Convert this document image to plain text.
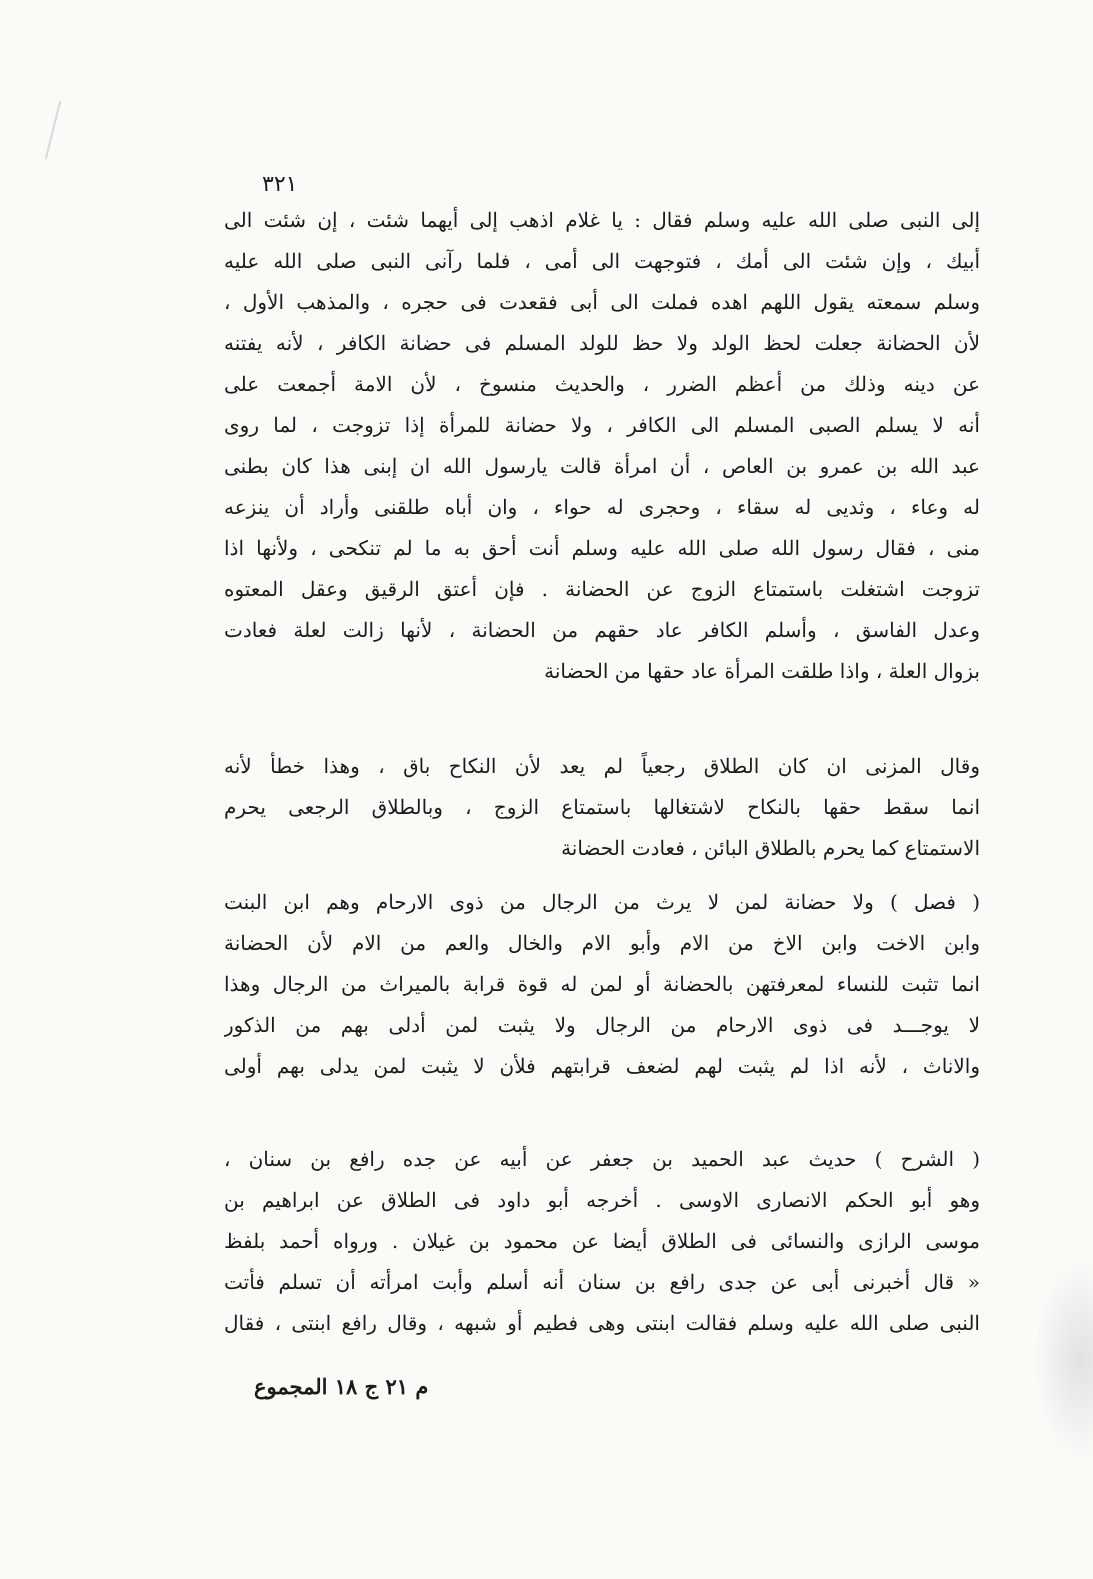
٣٢١
إلى النبى صلى الله عليه وسلم فقال : يا غلام اذهب إلى أيهما شئت ، إن شئت الى
أبيك ، وإن شئت الى أمك ، فتوجهت الى أمى ، فلما رآنى النبى صلى الله عليه
وسلم سمعته يقول اللهم اهده فملت الى أبى فقعدت فى حجره ، والمذهب الأول ،
لأن الحضانة جعلت لحظ الولد ولا حظ للولد المسلم فى حضانة الكافر ، لأنه يفتنه
عن دينه وذلك من أعظم الضرر ، والحديث منسوخ ، لأن الامة أجمعت على
أنه لا يسلم الصبى المسلم الى الكافر ، ولا حضانة للمرأة إذا تزوجت ، لما روى
عبد الله بن عمرو بن العاص ، أن امرأة قالت يارسول الله ان إبنى هذا كان بطنى
له وعاء ، وثديى له سقاء ، وحجرى له حواء ، وان أباه طلقنى وأراد أن ينزعه
منى ، فقال رسول الله صلى الله عليه وسلم أنت أحق به ما لم تنكحى ، ولأنها اذا
تزوجت اشتغلت باستمتاع الزوج عن الحضانة . فإن أعتق الرقيق وعقل المعتوه
وعدل الفاسق ، وأسلم الكافر عاد حقهم من الحضانة ، لأنها زالت لعلة فعادت
بزوال العلة ، واذا طلقت المرأة عاد حقها من الحضانة
وقال المزنى ان كان الطلاق رجعياً لم يعد لأن النكاح باق ، وهذا خطأ لأنه
انما سقط حقها بالنكاح لاشتغالها باستمتاع الزوج ، وبالطلاق الرجعى يحرم
الاستمتاع كما يحرم بالطلاق البائن ، فعادت الحضانة
( فصل ) ولا حضانة لمن لا يرث من الرجال من ذوى الارحام وهم ابن البنت
وابن الاخت وابن الاخ من الام وأبو الام والخال والعم من الام لأن الحضانة
انما تثبت للنساء لمعرفتهن بالحضانة أو لمن له قوة قرابة بالميراث من الرجال وهذا
لا يوجـــد فى ذوى الارحام من الرجال ولا يثبت لمن أدلى بهم من الذكور
والاناث ، لأنه اذا لم يثبت لهم لضعف قرابتهم فلأن لا يثبت لمن يدلى بهم أولى
( الشرح ) حديث عبد الحميد بن جعفر عن أبيه عن جده رافع بن سنان ،
وهو أبو الحكم الانصارى الاوسى . أخرجه أبو داود فى الطلاق عن ابراهيم بن
موسى الرازى والنسائى فى الطلاق أيضا عن محمود بن غيلان . ورواه أحمد بلفظ
« قال أخبرنى أبى عن جدى رافع بن سنان أنه أسلم وأبت امرأته أن تسلم فأتت
النبى صلى الله عليه وسلم فقالت ابنتى وهى فطيم أو شبهه ، وقال رافع ابنتى ، فقال
م ٢١ ج ١٨ المجموع
